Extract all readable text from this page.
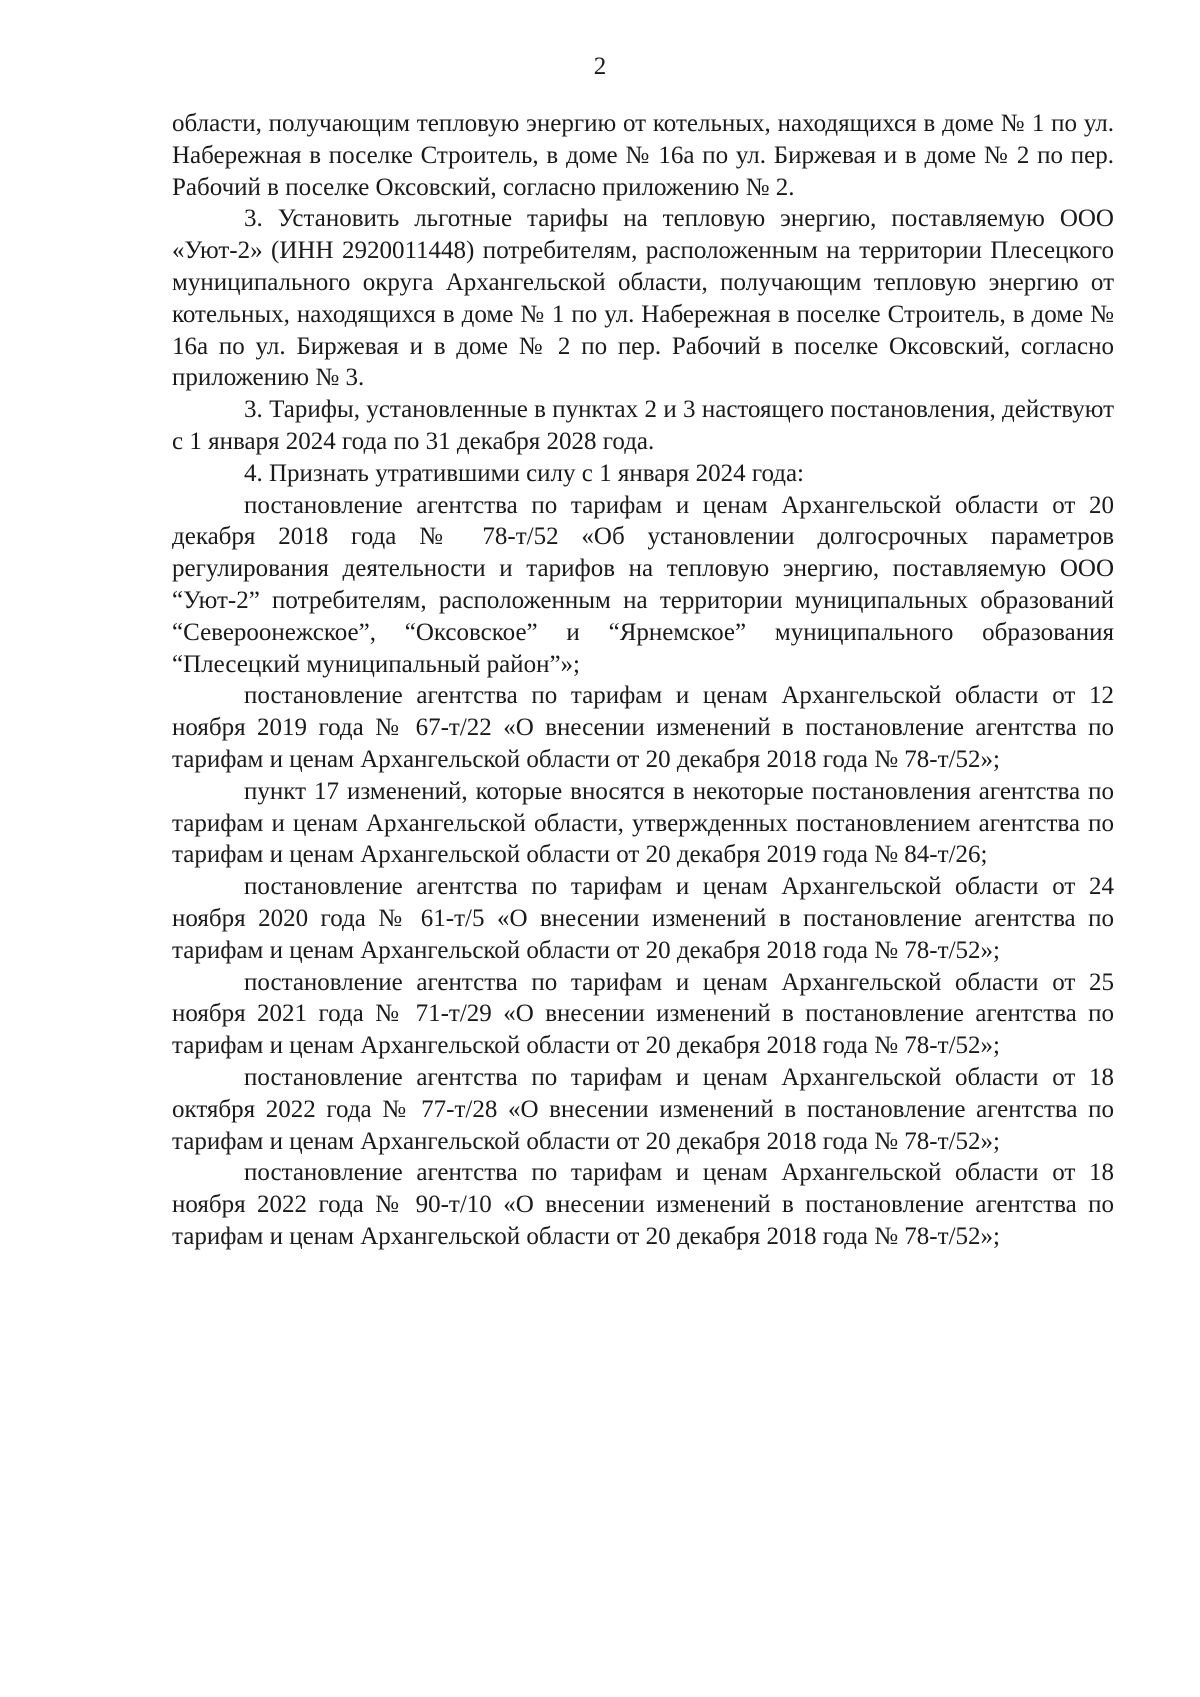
2

области, получающим тепловую энергию от котельных, находящихся в доме № 1 по ул. Набережная в поселке Строитель, в доме № 16а по ул. Биржевая и в доме № 2 по пер. Рабочий в поселке Оксовский, согласно приложению № 2.

3. Установить льготные тарифы на тепловую энергию, поставляемую ООО «Уют-2» (ИНН 2920011448) потребителям, расположенным на территории Плесецкого муниципального округа Архангельской области, получающим тепловую энергию от котельных, находящихся в доме № 1 по ул. Набережная в поселке Строитель, в доме № 16а по ул. Биржевая и в доме № 2 по пер. Рабочий в поселке Оксовский, согласно приложению № 3.

3. Тарифы, установленные в пунктах 2 и 3 настоящего постановления, действуют с 1 января 2024 года по 31 декабря 2028 года.

4. Признать утратившими силу с 1 января 2024 года:

постановление агентства по тарифам и ценам Архангельской области от 20 декабря 2018 года № 78-т/52 «Об установлении долгосрочных параметров регулирования деятельности и тарифов на тепловую энергию, поставляемую ООО “Уют-2” потребителям, расположенным на территории муниципальных образований “Североонежское”, “Оксовское” и “Ярнемское” муниципального образования “Плесецкий муниципальный район”»;

постановление агентства по тарифам и ценам Архангельской области от 12 ноября 2019 года № 67-т/22 «О внесении изменений в постановление агентства по тарифам и ценам Архангельской области от 20 декабря 2018 года № 78-т/52»;

пункт 17 изменений, которые вносятся в некоторые постановления агентства по тарифам и ценам Архангельской области, утвержденных постановлением агентства по тарифам и ценам Архангельской области от 20 декабря 2019 года № 84-т/26;

постановление агентства по тарифам и ценам Архангельской области от 24 ноября 2020 года № 61-т/5 «О внесении изменений в постановление агентства по тарифам и ценам Архангельской области от 20 декабря 2018 года № 78-т/52»;

постановление агентства по тарифам и ценам Архангельской области от 25 ноября 2021 года № 71-т/29 «О внесении изменений в постановление агентства по тарифам и ценам Архангельской области от 20 декабря 2018 года № 78-т/52»;

постановление агентства по тарифам и ценам Архангельской области от 18 октября 2022 года № 77-т/28 «О внесении изменений в постановление агентства по тарифам и ценам Архангельской области от 20 декабря 2018 года № 78-т/52»;

постановление агентства по тарифам и ценам Архангельской области от 18 ноября 2022 года № 90-т/10 «О внесении изменений в постановление агентства по тарифам и ценам Архангельской области от 20 декабря 2018 года № 78-т/52»;
